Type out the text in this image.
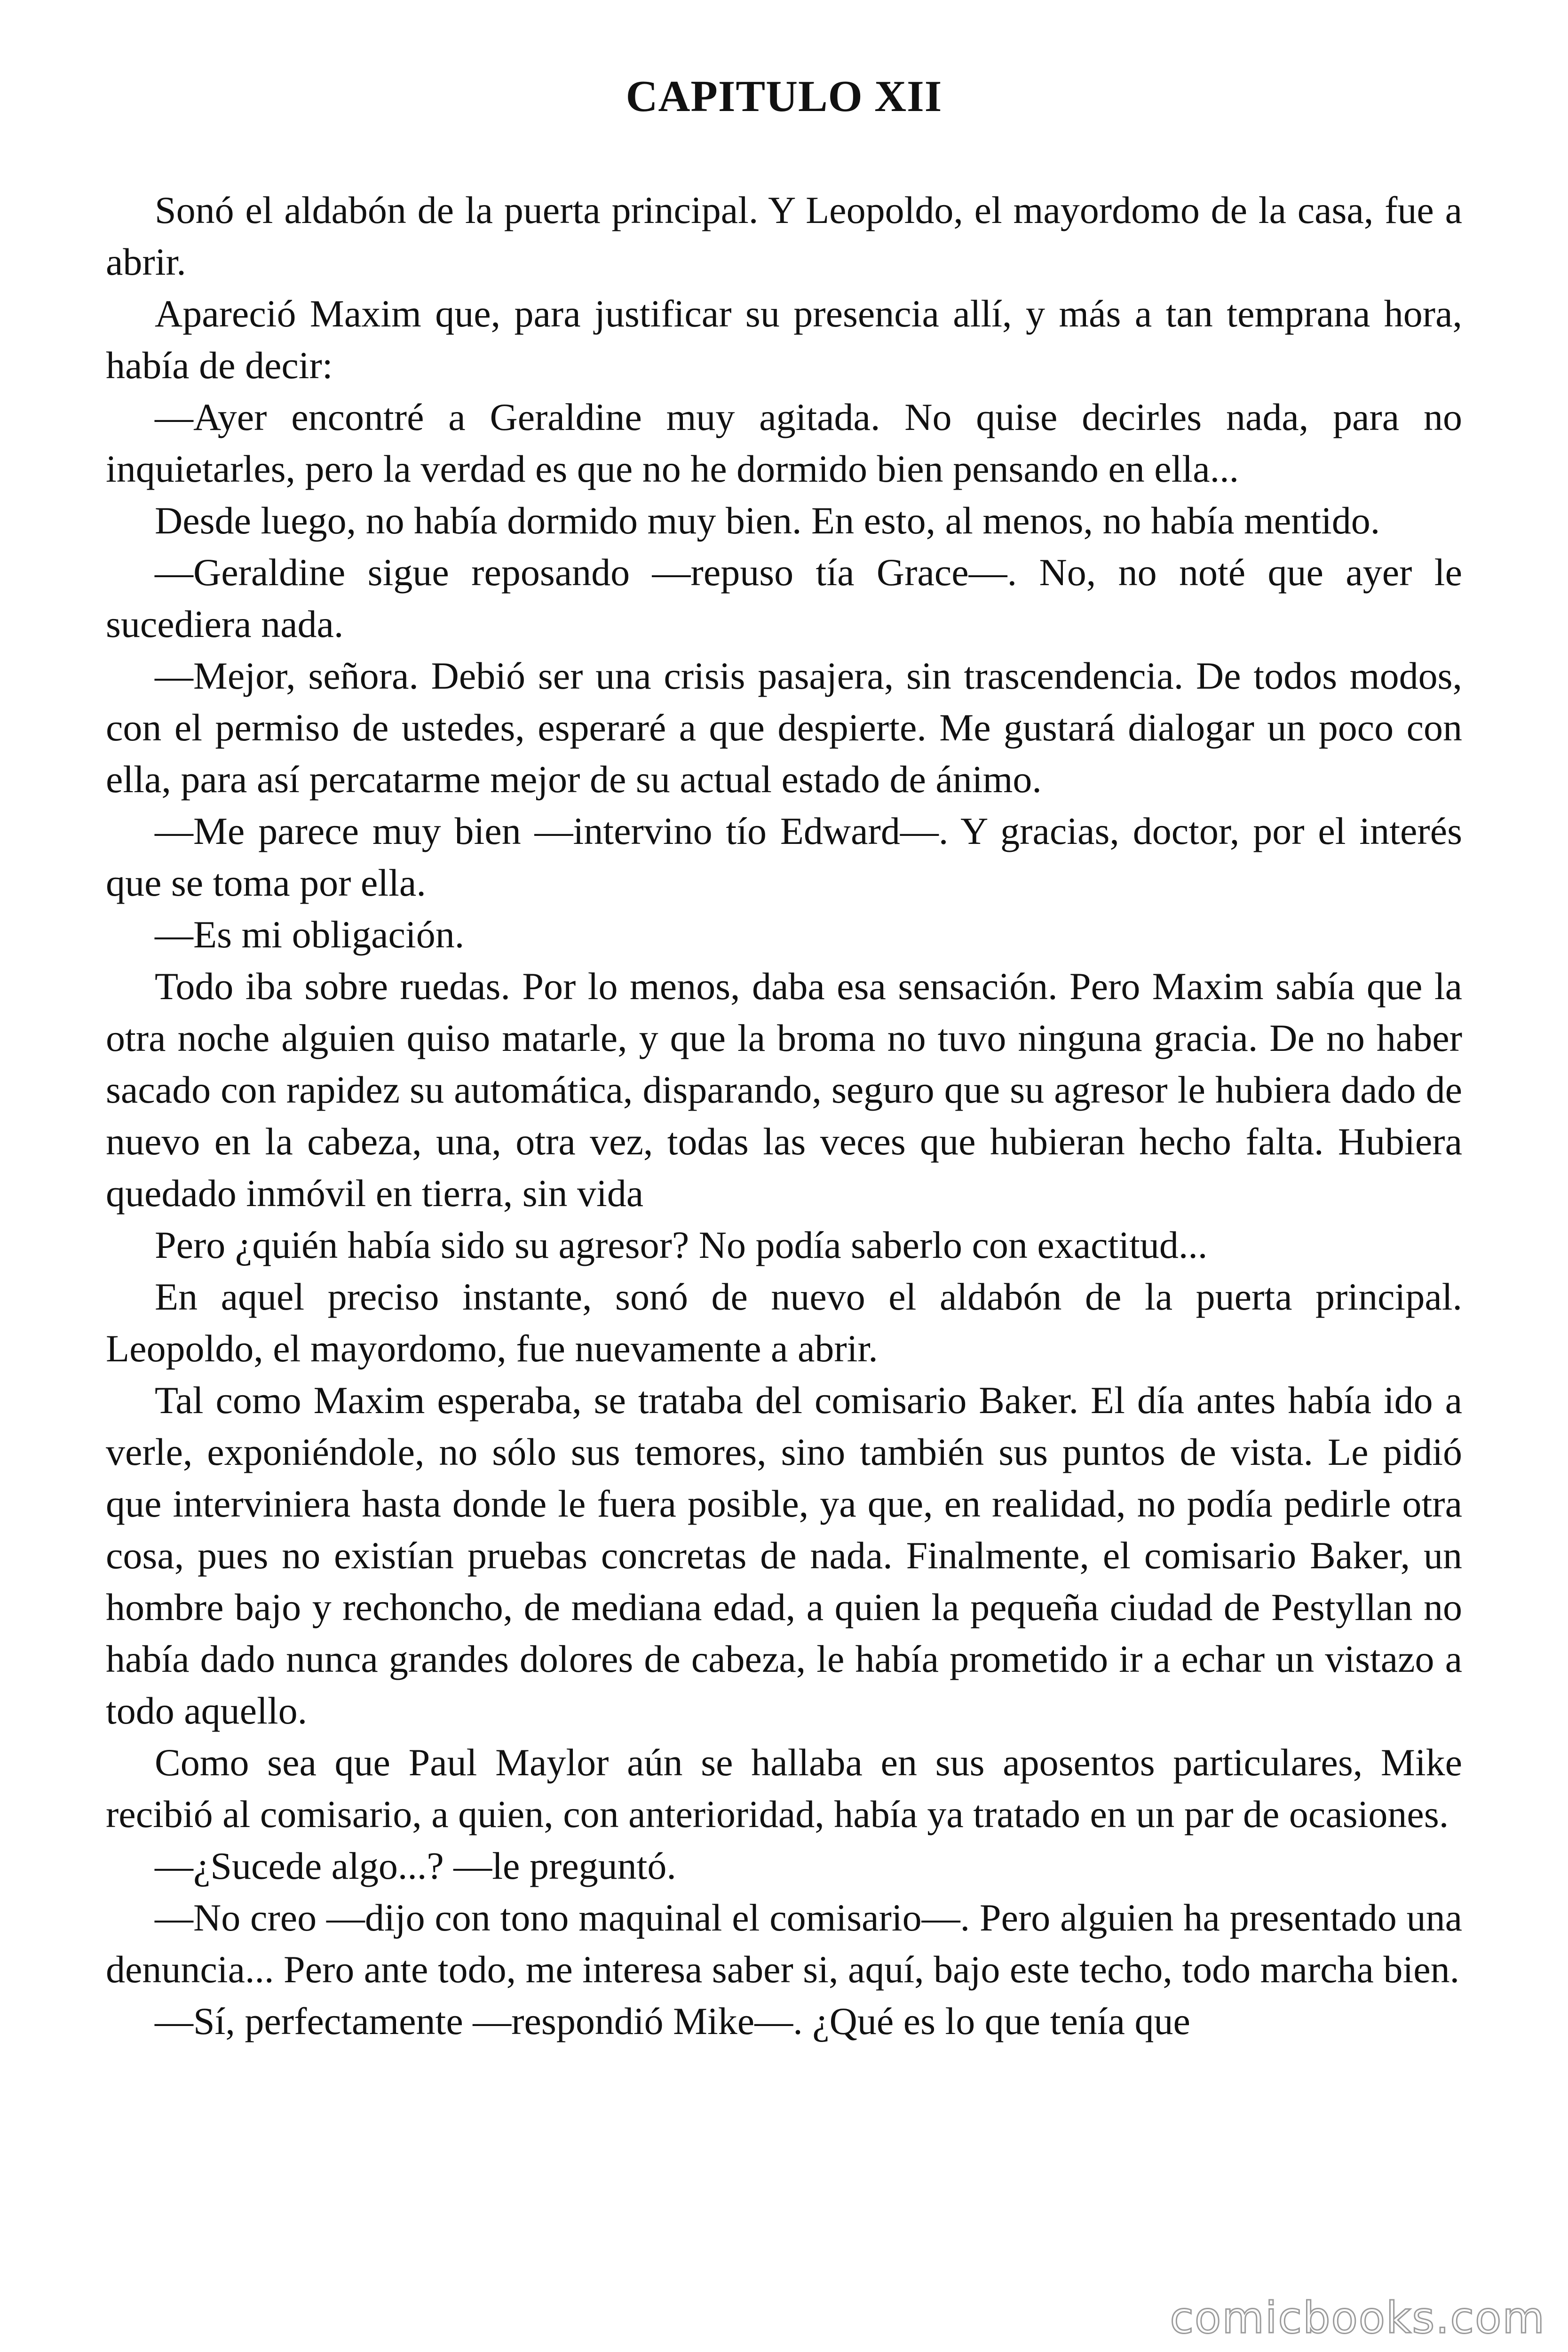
CAPITULO XII

Sonó el aldabón de la puerta principal. Y Leopoldo, el mayordomo de la casa, fue a abrir.

Apareció Maxim que, para justificar su presencia allí, y más a tan temprana hora, había de decir:

—Ayer encontré a Geraldine muy agitada. No quise decirles nada, para no inquietarles, pero la verdad es que no he dormido bien pensando en ella...

Desde luego, no había dormido muy bien. En esto, al menos, no había mentido.

—Geraldine sigue reposando —repuso tía Grace—. No, no noté que ayer le sucediera nada.

—Mejor, señora. Debió ser una crisis pasajera, sin trascendencia. De todos modos, con el permiso de ustedes, esperaré a que despierte. Me gustará dialogar un poco con ella, para así percatarme mejor de su actual estado de ánimo.

—Me parece muy bien —intervino tío Edward—. Y gracias, doctor, por el interés que se toma por ella.

—Es mi obligación.

Todo iba sobre ruedas. Por lo menos, daba esa sensación. Pero Maxim sabía que la otra noche alguien quiso matarle, y que la broma no tuvo ninguna gracia. De no haber sacado con rapidez su automática, disparando, seguro que su agresor le hubiera dado de nuevo en la cabeza, una, otra vez, todas las veces que hubieran hecho falta. Hubiera quedado inmóvil en tierra, sin vida

Pero ¿quién había sido su agresor? No podía saberlo con exactitud...

En aquel preciso instante, sonó de nuevo el aldabón de la puerta principal. Leopoldo, el mayordomo, fue nuevamente a abrir.

Tal como Maxim esperaba, se trataba del comisario Baker. El día antes había ido a verle, exponiéndole, no sólo sus temores, sino también sus puntos de vista. Le pidió que interviniera hasta donde le fuera posible, ya que, en realidad, no podía pedirle otra cosa, pues no existían pruebas concretas de nada. Finalmente, el comisario Baker, un hombre bajo y rechoncho, de mediana edad, a quien la pequeña ciudad de Pestyllan no había dado nunca grandes dolores de cabeza, le había prometido ir a echar un vistazo a todo aquello.

Como sea que Paul Maylor aún se hallaba en sus aposentos particulares, Mike recibió al comisario, a quien, con anterioridad, había ya tratado en un par de ocasiones.

—¿Sucede algo...? —le preguntó.

—No creo —dijo con tono maquinal el comisario—. Pero alguien ha presentado una denuncia... Pero ante todo, me interesa saber si, aquí, bajo este techo, todo marcha bien.

—Sí, perfectamente —respondió Mike—. ¿Qué es lo que tenía que

comicbooks.com
